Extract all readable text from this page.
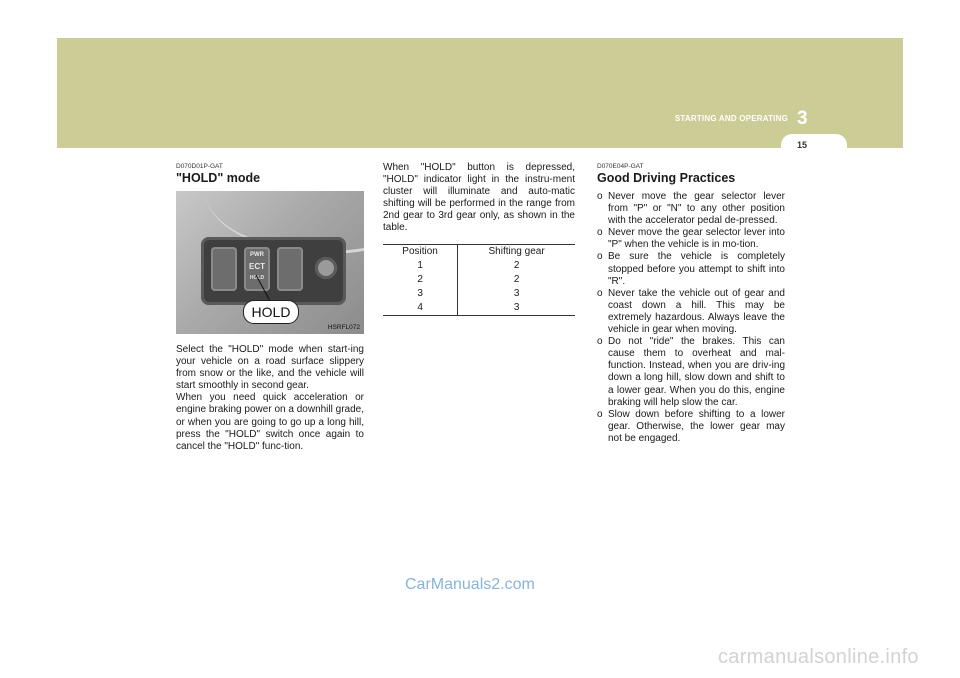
STARTING AND OPERATING 3
15

D070D01P-GAT

"HOLD" mode
PWR
ECT
HOLD
HOLD
HSRFL072

Select the "HOLD" mode when start-ing your vehicle on a road surface slippery from snow or the like, and the vehicle will start smoothly in second gear.

When you need quick acceleration or engine braking power on a downhill grade, or when you are going to go up a long hill, press the "HOLD" switch once again to cancel the "HOLD" func-tion.

When "HOLD" button is depressed, "HOLD" indicator light in the instru-ment cluster will illuminate and auto-matic shifting will be performed in the range from 2nd gear to 3rd gear only, as shown in the table.

Position	Shifting gear
1	2
2	2
3	3
4	3

D070E04P-GAT

Good Driving Practices
o Never move the gear selector lever from "P" or "N" to any other position with the accelerator pedal de-pressed.
o Never move the gear selector lever into "P" when the vehicle is in mo-tion.
o Be sure the vehicle is completely stopped before you attempt to shift into "R".
o Never take the vehicle out of gear and coast down a hill. This may be extremely hazardous. Always leave the vehicle in gear when moving.
o Do not "ride" the brakes. This can cause them to overheat and mal-function. Instead, when you are driv-ing down a long hill, slow down and shift to a lower gear. When you do this, engine braking will help slow the car.
o Slow down before shifting to a lower gear. Otherwise, the lower gear may not be engaged.
CarManuals2.com
carmanualsonline.info
